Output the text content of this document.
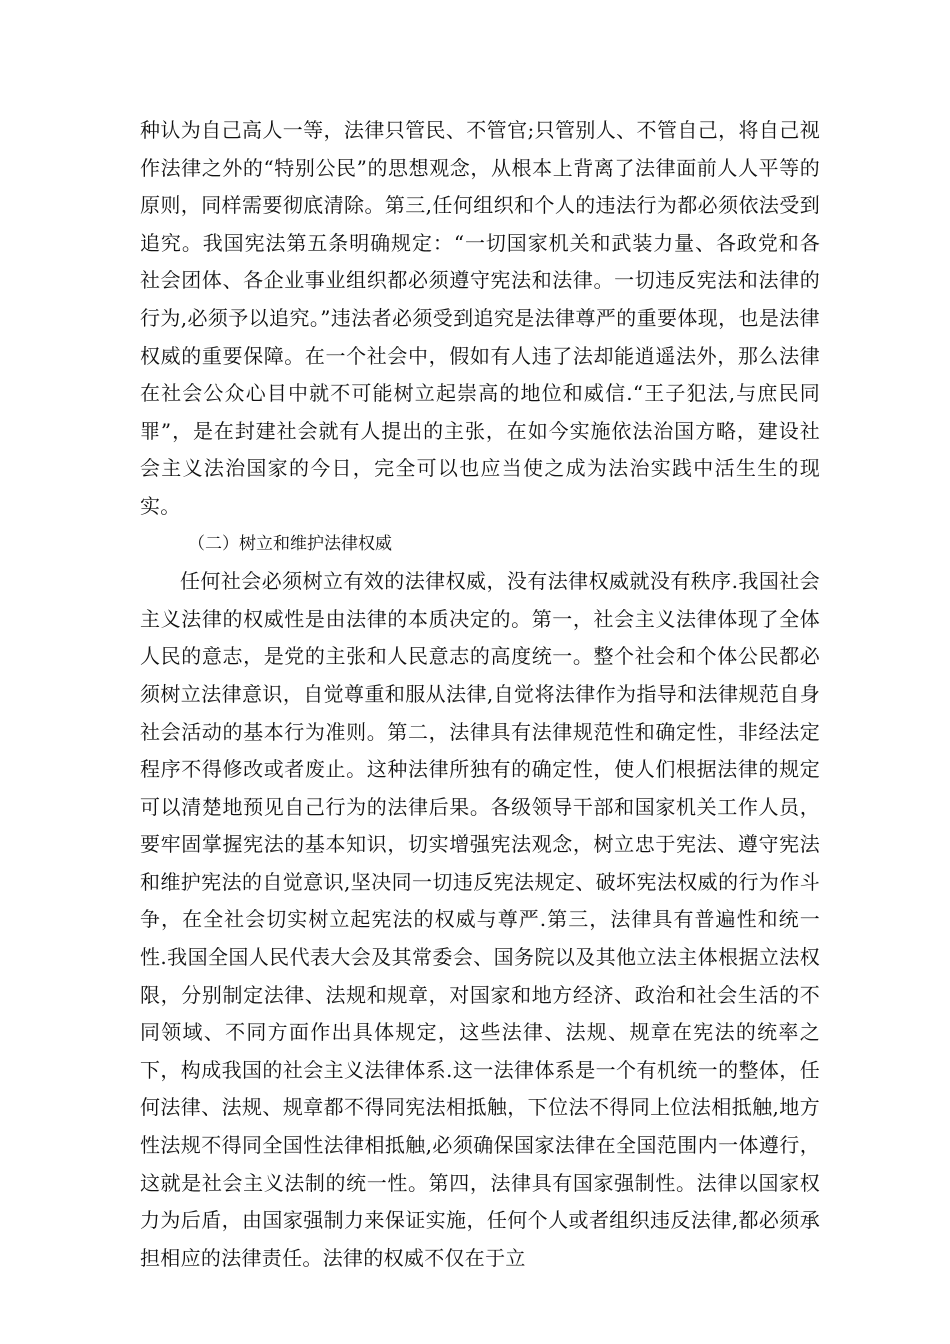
种认为自己高人一等，法律只管民、不管官;只管别人、不管自己，将自己视作法律之外的“特别公民”的思想观念，从根本上背离了法律面前人人平等的原则，同样需要彻底清除。第三,任何组织和个人的违法行为都必须依法受到追究。我国宪法第五条明确规定：“一切国家机关和武装力量、各政党和各社会团体、各企业事业组织都必须遵守宪法和法律。一切违反宪法和法律的行为,必须予以追究。”违法者必须受到追究是法律尊严的重要体现，也是法律权威的重要保障。在一个社会中，假如有人违了法却能逍遥法外，那么法律在社会公众心目中就不可能树立起崇高的地位和威信.“王子犯法,与庶民同罪”，是在封建社会就有人提出的主张，在如今实施依法治国方略，建设社会主义法治国家的今日，完全可以也应当使之成为法治实践中活生生的现实。

（二）树立和维护法律权威

任何社会必须树立有效的法律权威，没有法律权威就没有秩序.我国社会主义法律的权威性是由法律的本质决定的。第一，社会主义法律体现了全体人民的意志，是党的主张和人民意志的高度统一。整个社会和个体公民都必须树立法律意识，自觉尊重和服从法律,自觉将法律作为指导和法律规范自身社会活动的基本行为准则。第二，法律具有法律规范性和确定性，非经法定程序不得修改或者废止。这种法律所独有的确定性，使人们根据法律的规定可以清楚地预见自己行为的法律后果。各级领导干部和国家机关工作人员，要牢固掌握宪法的基本知识，切实增强宪法观念，树立忠于宪法、遵守宪法和维护宪法的自觉意识,坚决同一切违反宪法规定、破坏宪法权威的行为作斗争，在全社会切实树立起宪法的权威与尊严.第三，法律具有普遍性和统一性.我国全国人民代表大会及其常委会、国务院以及其他立法主体根据立法权限，分别制定法律、法规和规章，对国家和地方经济、政治和社会生活的不同领域、不同方面作出具体规定，这些法律、法规、规章在宪法的统率之下，构成我国的社会主义法律体系.这一法律体系是一个有机统一的整体，任何法律、法规、规章都不得同宪法相抵触，下位法不得同上位法相抵触,地方性法规不得同全国性法律相抵触,必须确保国家法律在全国范围内一体遵行，这就是社会主义法制的统一性。第四，法律具有国家强制性。法律以国家权力为后盾，由国家强制力来保证实施，任何个人或者组织违反法律,都必须承担相应的法律责任。法律的权威不仅在于立
